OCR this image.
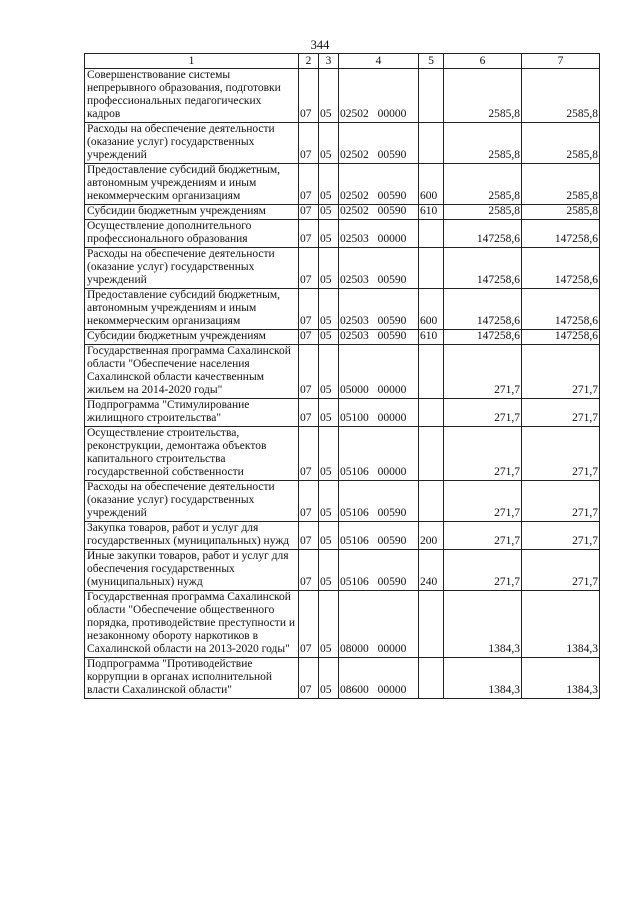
344
1	2	3	4	5	6	7
Совершенствование системы непрерывного образования, подготовки профессиональных педагогических кадров	07	05	02502 00000		2585,8	2585,8
Расходы на обеспечение деятельности (оказание услуг) государственных учреждений	07	05	02502 00590		2585,8	2585,8
Предоставление субсидий бюджетным, автономным учреждениям и иным некоммерческим организациям	07	05	02502 00590	600	2585,8	2585,8
Субсидии бюджетным учреждениям	07	05	02502 00590	610	2585,8	2585,8
Осуществление дополнительного профессионального образования	07	05	02503 00000		147258,6	147258,6
Расходы на обеспечение деятельности (оказание услуг) государственных учреждений	07	05	02503 00590		147258,6	147258,6
Предоставление субсидий бюджетным, автономным учреждениям и иным некоммерческим организациям	07	05	02503 00590	600	147258,6	147258,6
Субсидии бюджетным учреждениям	07	05	02503 00590	610	147258,6	147258,6
Государственная программа Сахалинской области "Обеспечение населения Сахалинской области качественным жильем на 2014-2020 годы"	07	05	05000 00000		271,7	271,7
Подпрограмма "Стимулирование жилищного строительства"	07	05	05100 00000		271,7	271,7
Осуществление строительства, реконструкции, демонтажа объектов капитального строительства государственной собственности	07	05	05106 00000		271,7	271,7
Расходы на обеспечение деятельности (оказание услуг) государственных учреждений	07	05	05106 00590		271,7	271,7
Закупка товаров, работ и услуг для государственных (муниципальных) нужд	07	05	05106 00590	200	271,7	271,7
Иные закупки товаров, работ и услуг для обеспечения государственных (муниципальных) нужд	07	05	05106 00590	240	271,7	271,7
Государственная программа Сахалинской области "Обеспечение общественного порядка, противодействие преступности и незаконному обороту наркотиков в Сахалинской области на 2013-2020 годы"	07	05	08000 00000		1384,3	1384,3
Подпрограмма "Противодействие коррупции в органах исполнительной власти Сахалинской области"	07	05	08600 00000		1384,3	1384,3
